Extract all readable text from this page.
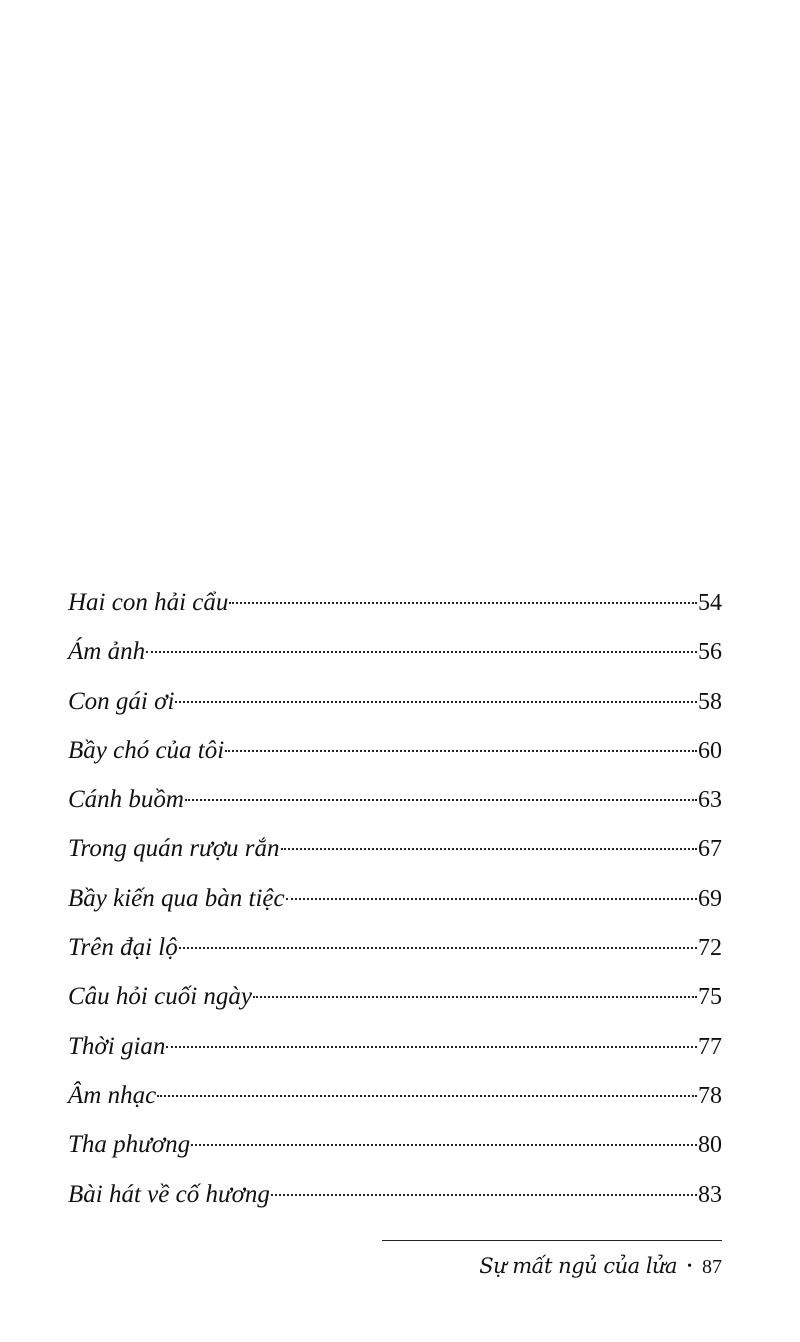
Hai con hải cẩu	54
Ám ảnh	56
Con gái ơi	58
Bầy chó của tôi	60
Cánh buồm	63
Trong quán rượu rắn	67
Bầy kiến qua bàn tiệc	69
Trên đại lộ	72
Câu hỏi cuối ngày	75
Thời gian	77
Âm nhạc	78
Tha phương	80
Bài hát về cố hương	83
Sự mất ngủ của lửa • 87
